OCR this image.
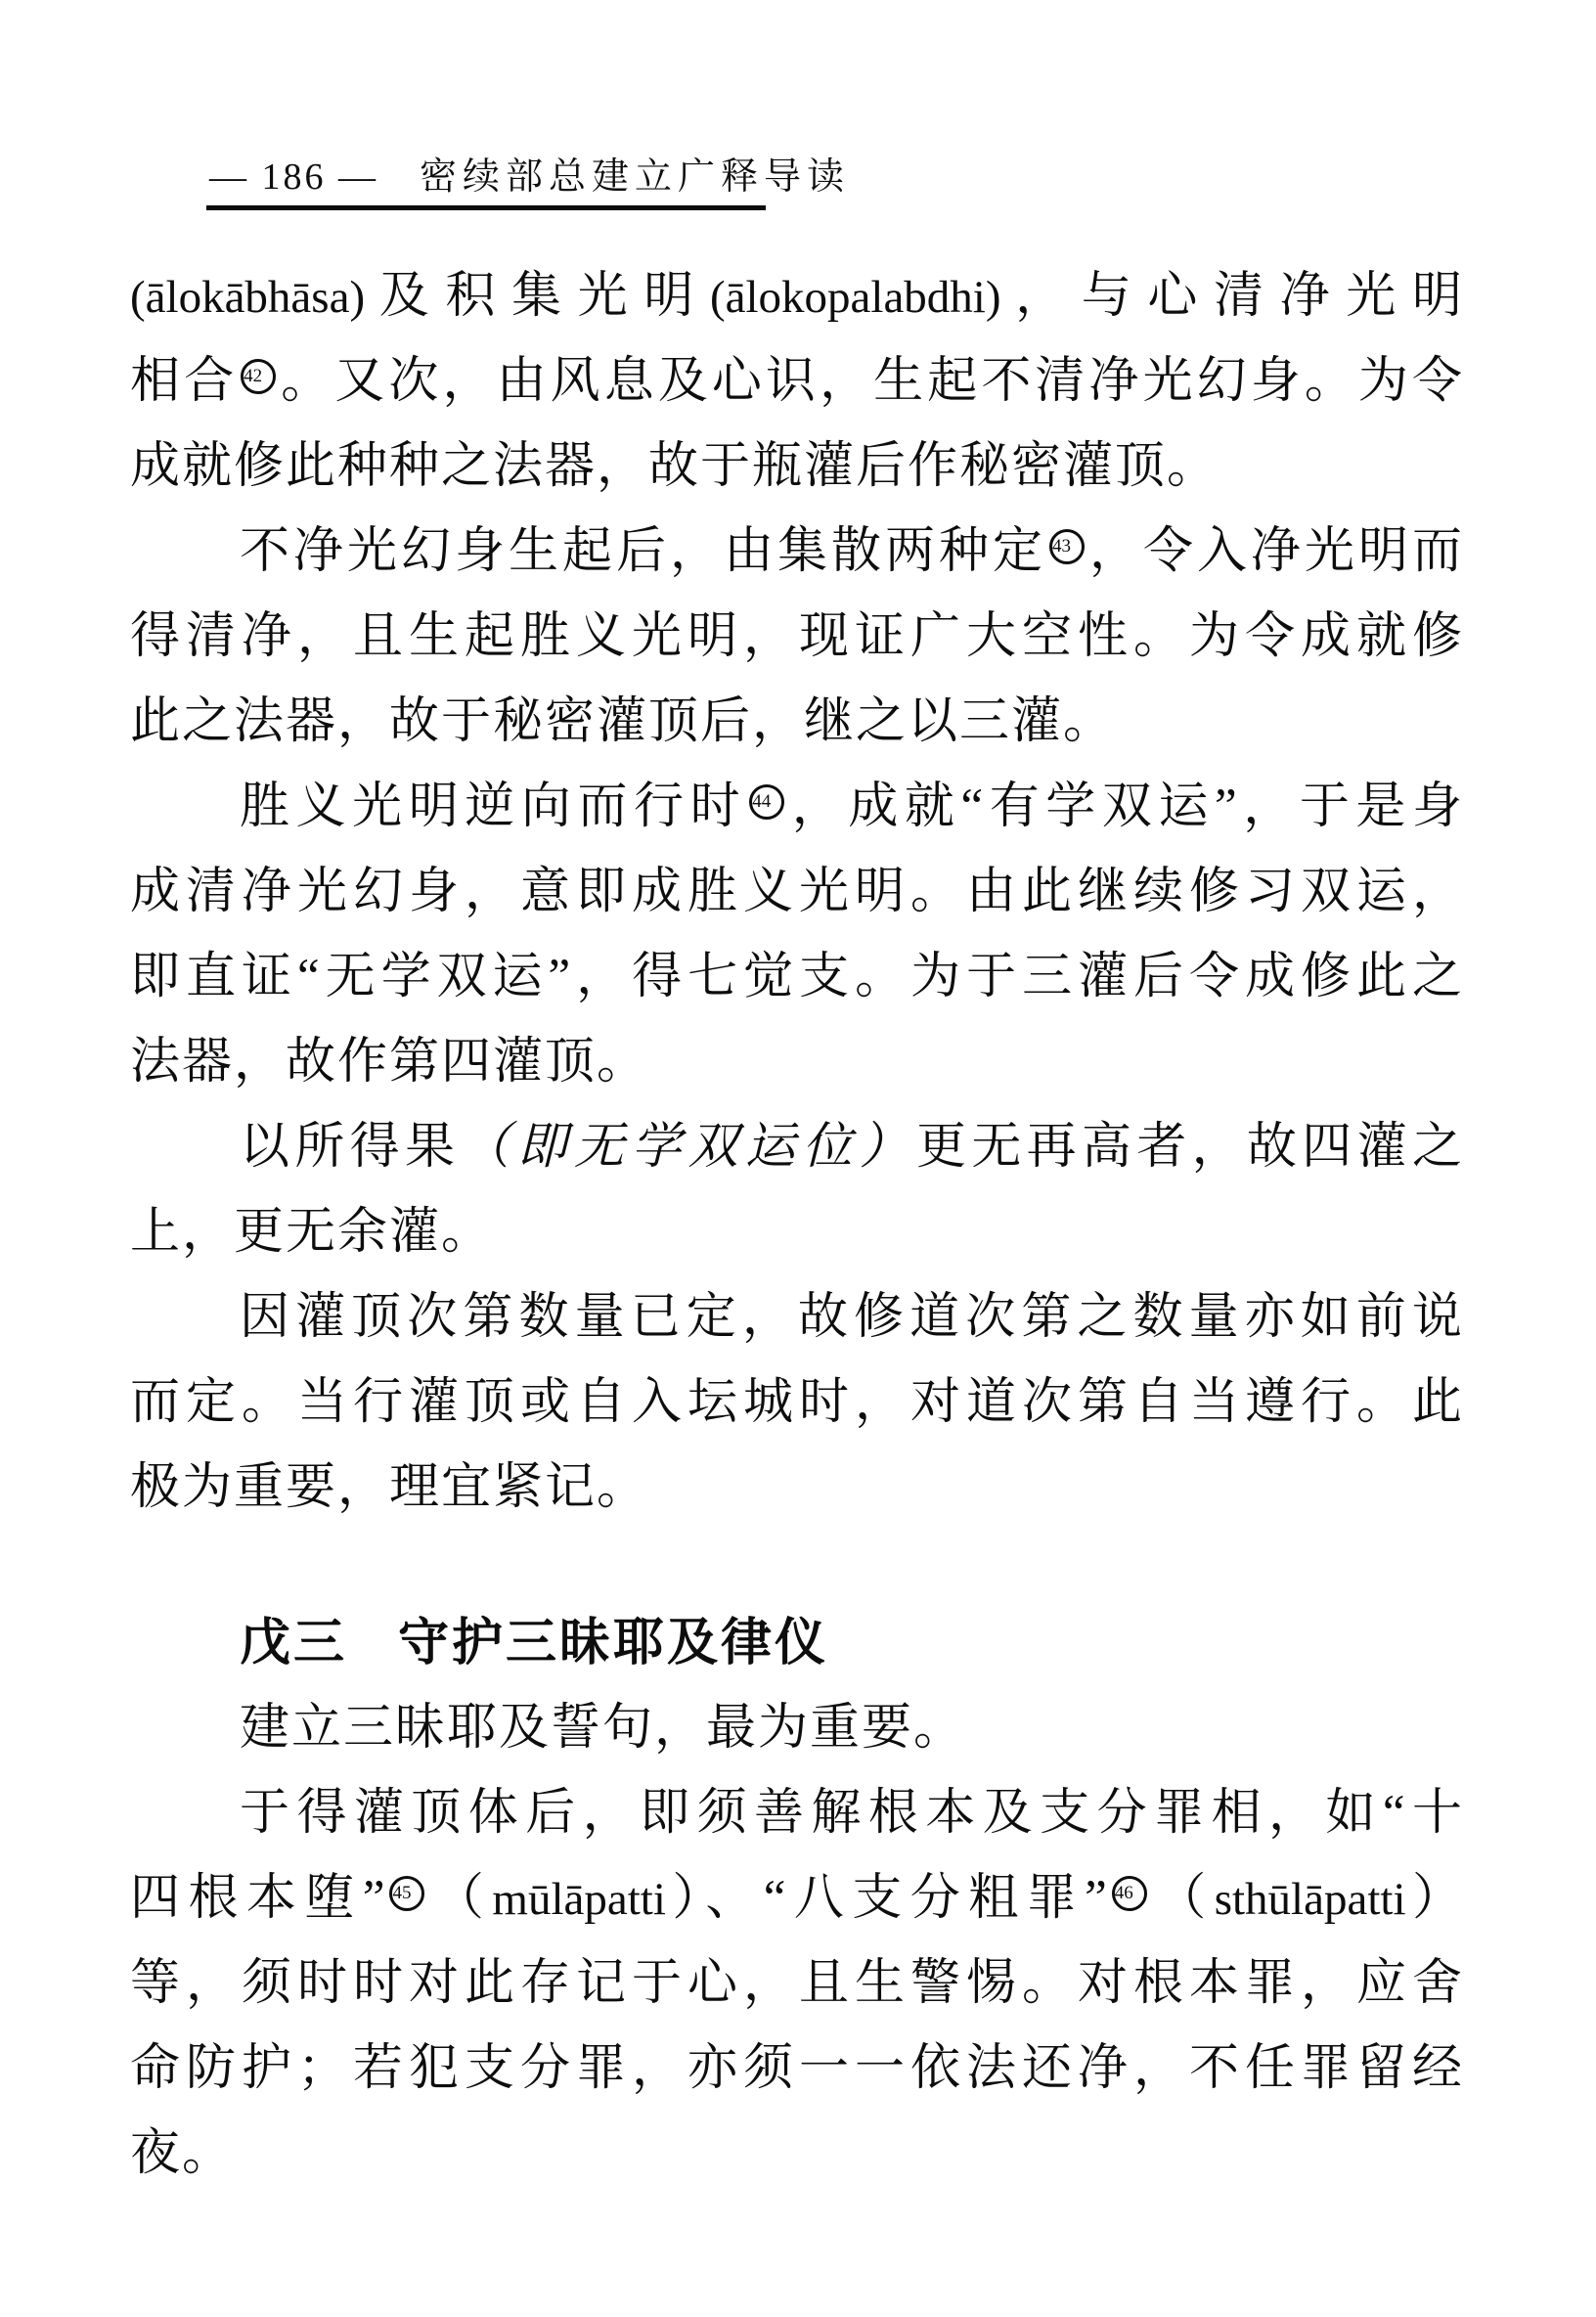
— 186 — 密续部总建立广释导读
(ālokābhāsa)及积集光明(ālokopalabdhi)，与心清净光明
相合 42 。又次，由风息及心识，生起不清净光幻身。为令
成就修此种种之法器，故于瓶灌后作秘密灌顶。
不净光幻身生起后，由集散两种定 43 ，令入净光明而
得清净，且生起胜义光明，现证广大空性。为令成就修
此之法器，故于秘密灌顶后，继之以三灌。
胜义光明逆向而行时 44 ，成就“有学双运”，于是身
成清净光幻身，意即成胜义光明。由此继续修习双运，
即直证“无学双运”，得七觉支。为于三灌后令成修此之
法器，故作第四灌顶。
以所得果（即无学双运位）更无再高者，故四灌之
上，更无余灌。
因灌顶次第数量已定，故修道次第之数量亦如前说
而定。当行灌顶或自入坛城时，对道次第自当遵行。此
极为重要，理宜紧记。
戊三 守护三昧耶及律仪
建立三昧耶及誓句，最为重要。
于得灌顶体后，即须善解根本及支分罪相，如“十
四根本堕” 45 （mūlāpatti）、“八支分粗罪” 46 （sthūlāpatti）
等，须时时对此存记于心，且生警惕。对根本罪，应舍
命防护；若犯支分罪，亦须一一依法还净，不任罪留经
夜。
